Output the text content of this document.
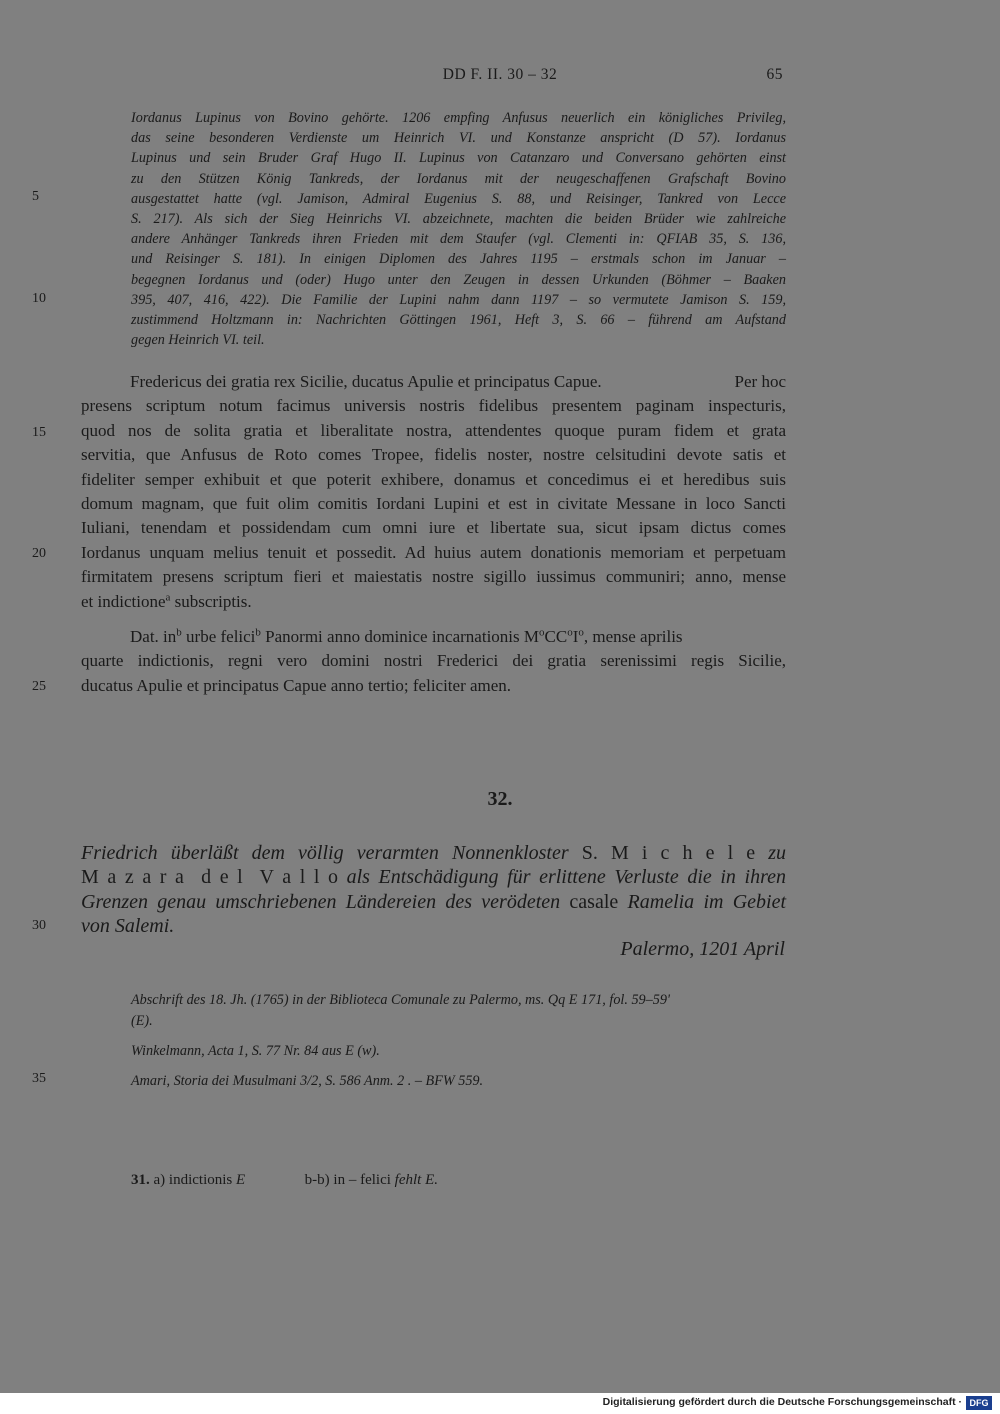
DD F. II. 30 – 32	65
5
10
15
20
25
30
35
Iordanus Lupinus von Bovino gehörte. 1206 empfing Anfusus neuerlich ein königliches Privileg,
das seine besonderen Verdienste um Heinrich VI. und Konstanze anspricht (D 57). Iordanus
Lupinus und sein Bruder Graf Hugo II. Lupinus von Catanzaro und Conversano gehörten einst
zu den Stützen König Tankreds, der Iordanus mit der neugeschaffenen Grafschaft Bovino
ausgestattet hatte (vgl. Jamison, Admiral Eugenius S. 88, und Reisinger, Tankred von Lecce
S. 217). Als sich der Sieg Heinrichs VI. abzeichnete, machten die beiden Brüder wie zahlreiche
andere Anhänger Tankreds ihren Frieden mit dem Staufer (vgl. Clementi in: QFIAB 35, S. 136,
und Reisinger S. 181). In einigen Diplomen des Jahres 1195 – erstmals schon im Januar –
begegnen Iordanus und (oder) Hugo unter den Zeugen in dessen Urkunden (Böhmer – Baaken
395, 407, 416, 422). Die Familie der Lupini nahm dann 1197 – so vermutete Jamison S. 159,
zustimmend Holtzmann in: Nachrichten Göttingen 1961, Heft 3, S. 66 – führend am Aufstand
gegen Heinrich VI. teil.
Fredericus dei gratia rex Sicilie, ducatus Apulie et principatus Capue.	Per hoc
presens scriptum notum facimus universis nostris fidelibus presentem paginam inspecturis,
quod nos de solita gratia et liberalitate nostra, attendentes quoque puram fidem et grata
servitia, que Anfusus de Roto comes Tropee, fidelis noster, nostre celsitudini devote satis et
fideliter semper exhibuit et que poterit exhibere, donamus et concedimus ei et heredibus suis
domum magnam, que fuit olim comitis Iordani Lupini et est in civitate Messane in loco Sancti
Iuliani, tenendam et possidendam cum omni iure et libertate sua, sicut ipsam dictus comes
Iordanus unquam melius tenuit et possedit. Ad huius autem donationis memoriam et perpetuam
firmitatem presens scriptum fieri et maiestatis nostre sigillo iussimus communiri; anno, mense
et indictione$^a$ subscriptis.
Dat. $in^b$ urbe felici$^b$ Panormi anno dominice incarnationis $M^oCC^oI^o$, mense aprilis
quarte indictionis, regni vero domini nostri Frederici dei gratia serenissimi regis Sicilie,
ducatus Apulie et principatus Capue anno tertio; feliciter amen.
32.
Friedrich überläßt dem völlig verarmten Nonnenkloster S. M i c h e l e zu
M a z a r a  d e l  V a l l o als Entschädigung für erlittene Verluste die in ihren
Grenzen genau umschriebenen Ländereien des verödeten casale Ramelia im Gebiet
von Salemi.
Palermo, 1201 April
Abschrift des 18. Jh. (1765) in der Biblioteca Comunale zu Palermo, ms. Qq E 171, fol. 59–59'
(E).
Winkelmann, Acta 1, S. 77 Nr. 84 aus E (w).
Amari, Storia dei Musulmani 3/2, S. 586 Anm. 2 . – BFW 559.
31. a) indictionis E	b-b) in – felici fehlt E.
Digitalisierung gefördert durch die Deutsche Forschungsgemeinschaft · DFG
